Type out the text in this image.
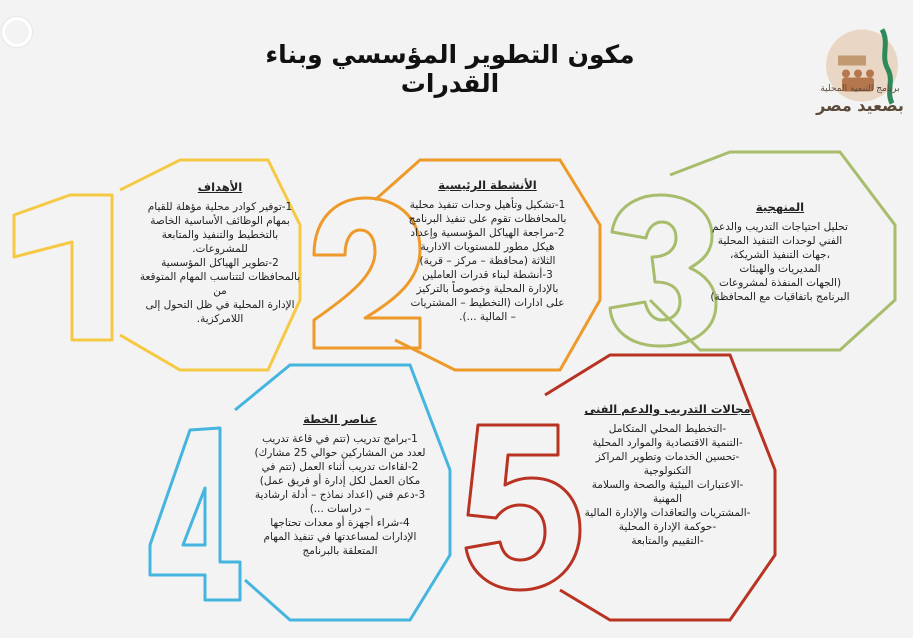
برنامج التنمية المحلية
بصعيد مصر
مكون التطوير المؤسسي وبناء القدرات
الأهداف
1-توفير كوادر محلية مؤهلة للقيام
بمهام الوظائف الأساسية الخاصة
بالتخطيط والتنفيذ والمتابعة
للمشروعات.
2-تطوير الهياكل المؤسسية
بالمحافظات لتتناسب المهام المتوقعة من
الإدارة المحلية في ظل التحول إلى
اللامركزية.
الأنشطة الرئيسية
1-تشكيل وتأهيل وحدات تنفيذ محلية
بالمحافظات تقوم على تنفيذ البرنامج
2-مراجعة الهياكل المؤسسية وإعداد
هيكل مطور للمستويات الادارية
الثلاثة (محافظة – مركز – قرية)
3-أنشطة لبناء قدرات العاملين
بالإدارة المحلية وخصوصاً بالتركيز
على ادارات (التخطيط – المشتريات
– المالية ...).
المنهجية
تحليل احتياجات التدريب والدعم
الفني لوحدات التنفيذ المحلية
،جهات التنفيذ الشريكة،
المديريات والهيئات
(الجهات المنفذة لمشروعات
البرنامج باتفاقيات مع المحافظة)
عناصر الخطة
1-برامج تدريب (تتم في قاعة تدريب
لعدد من المشاركين حوالي 25 مشارك)
2-لقاءات تدريب أثناء العمل (تتم في
مكان العمل لكل إدارة أو فريق عمل)
3-دعم فني (اعداد نماذج – أدلة ارشادية
– دراسات ...)
4-شراء أجهزة أو معدات تحتاجها
الإدارات لمساعدتها في تنفيذ المهام
المتعلقة بالبرنامج
مجالات التدريب والدعم الفنى
-التخطيط المحلي المتكامل
-التنمية الاقتصادية والموارد المحلية
-تحسين الخدمات وتطوير المراكز
التكنولوجية
-الاعتبارات البيئية والصحة والسلامة
المهنية
-المشتريات والتعاقدات والإدارة المالية
-حوكمة الإدارة المحلية
-التقييم والمتابعة
